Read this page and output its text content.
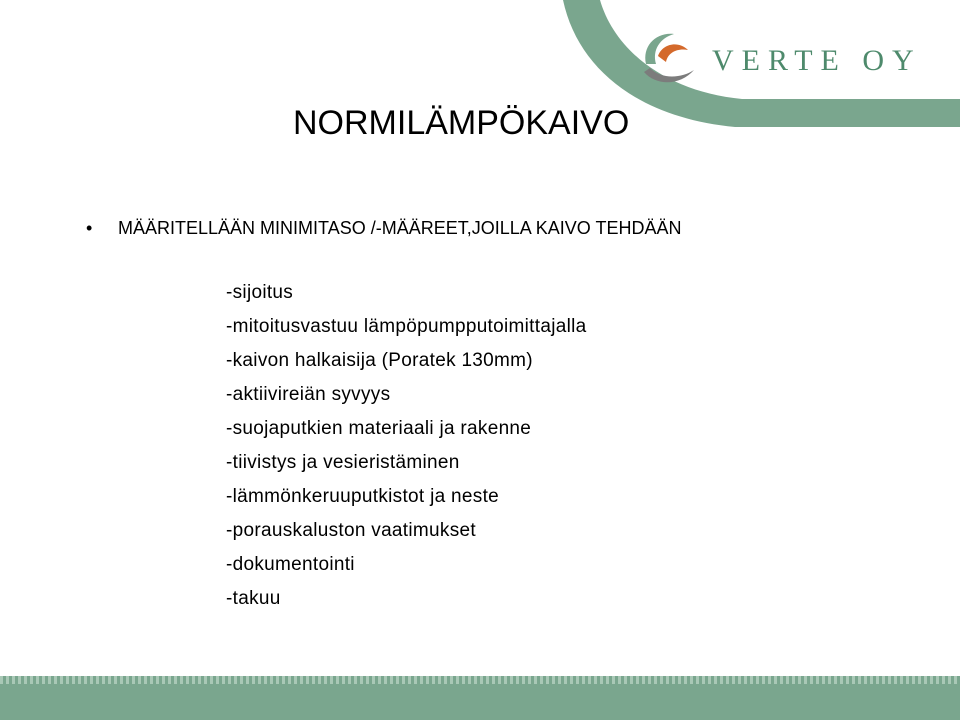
VERTE OY
NORMILÄMPÖKAIVO
• MÄÄRITELLÄÄN MINIMITASO /-MÄÄREET,JOILLA KAIVO TEHDÄÄN
-sijoitus
-mitoitusvastuu lämpöpumpputoimittajalla
-kaivon halkaisija (Poratek 130mm)
-aktiivireiän syvyys
-suojaputkien materiaali ja rakenne
-tiivistys ja vesieristäminen
-lämmönkeruuputkistot ja neste
-porauskaluston vaatimukset
-dokumentointi
-takuu
